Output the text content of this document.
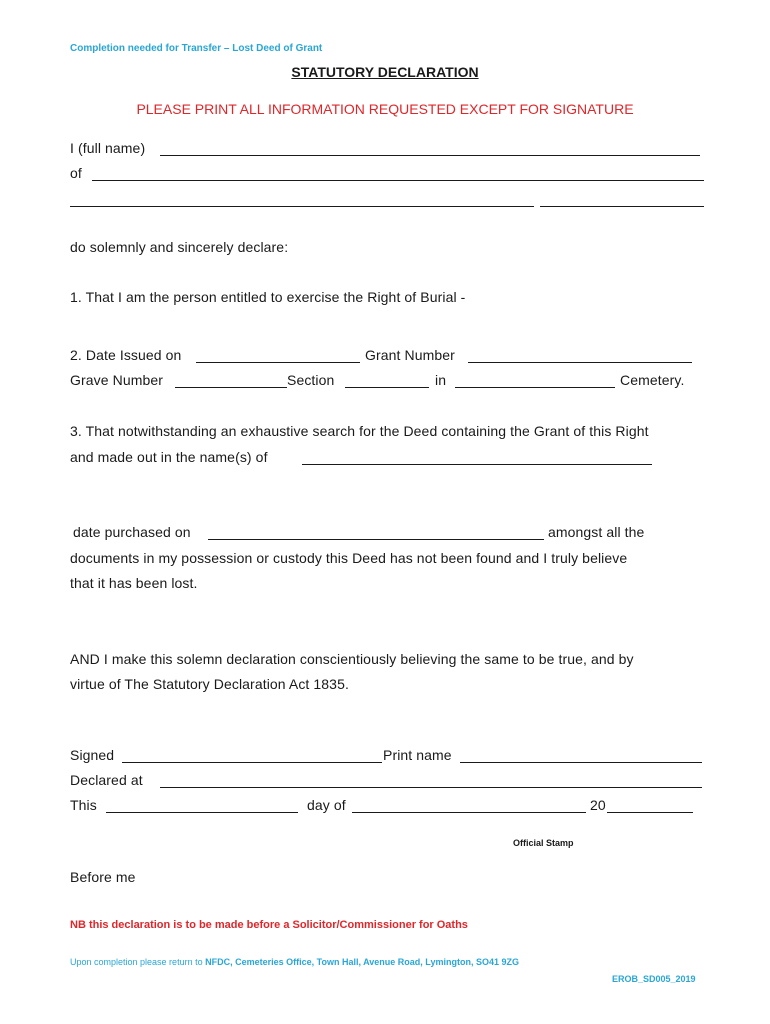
Completion needed for Transfer – Lost Deed of Grant
STATUTORY DECLARATION
PLEASE PRINT ALL INFORMATION REQUESTED EXCEPT FOR SIGNATURE
I (full name)
of
do solemnly and sincerely declare:
1. That I am the person entitled to exercise the Right of Burial -
2. Date Issued on	Grant Number
Grave Number	Section	in	Cemetery.
3. That notwithstanding an exhaustive search for the Deed containing the Grant of this Right
and made out in the name(s) of
date purchased on	amongst all the
documents in my possession or custody this Deed has not been found and I truly believe
that it has been lost.
AND I make this solemn declaration conscientiously believing the same to be true, and by
virtue of The Statutory Declaration Act 1835.
Signed	Print name
Declared at
This	day of	20
Official Stamp
Before me
NB this declaration is to be made before a Solicitor/Commissioner for Oaths
Upon completion please return to NFDC, Cemeteries Office, Town Hall, Avenue Road, Lymington, SO41 9ZG
EROB_SD005_2019
